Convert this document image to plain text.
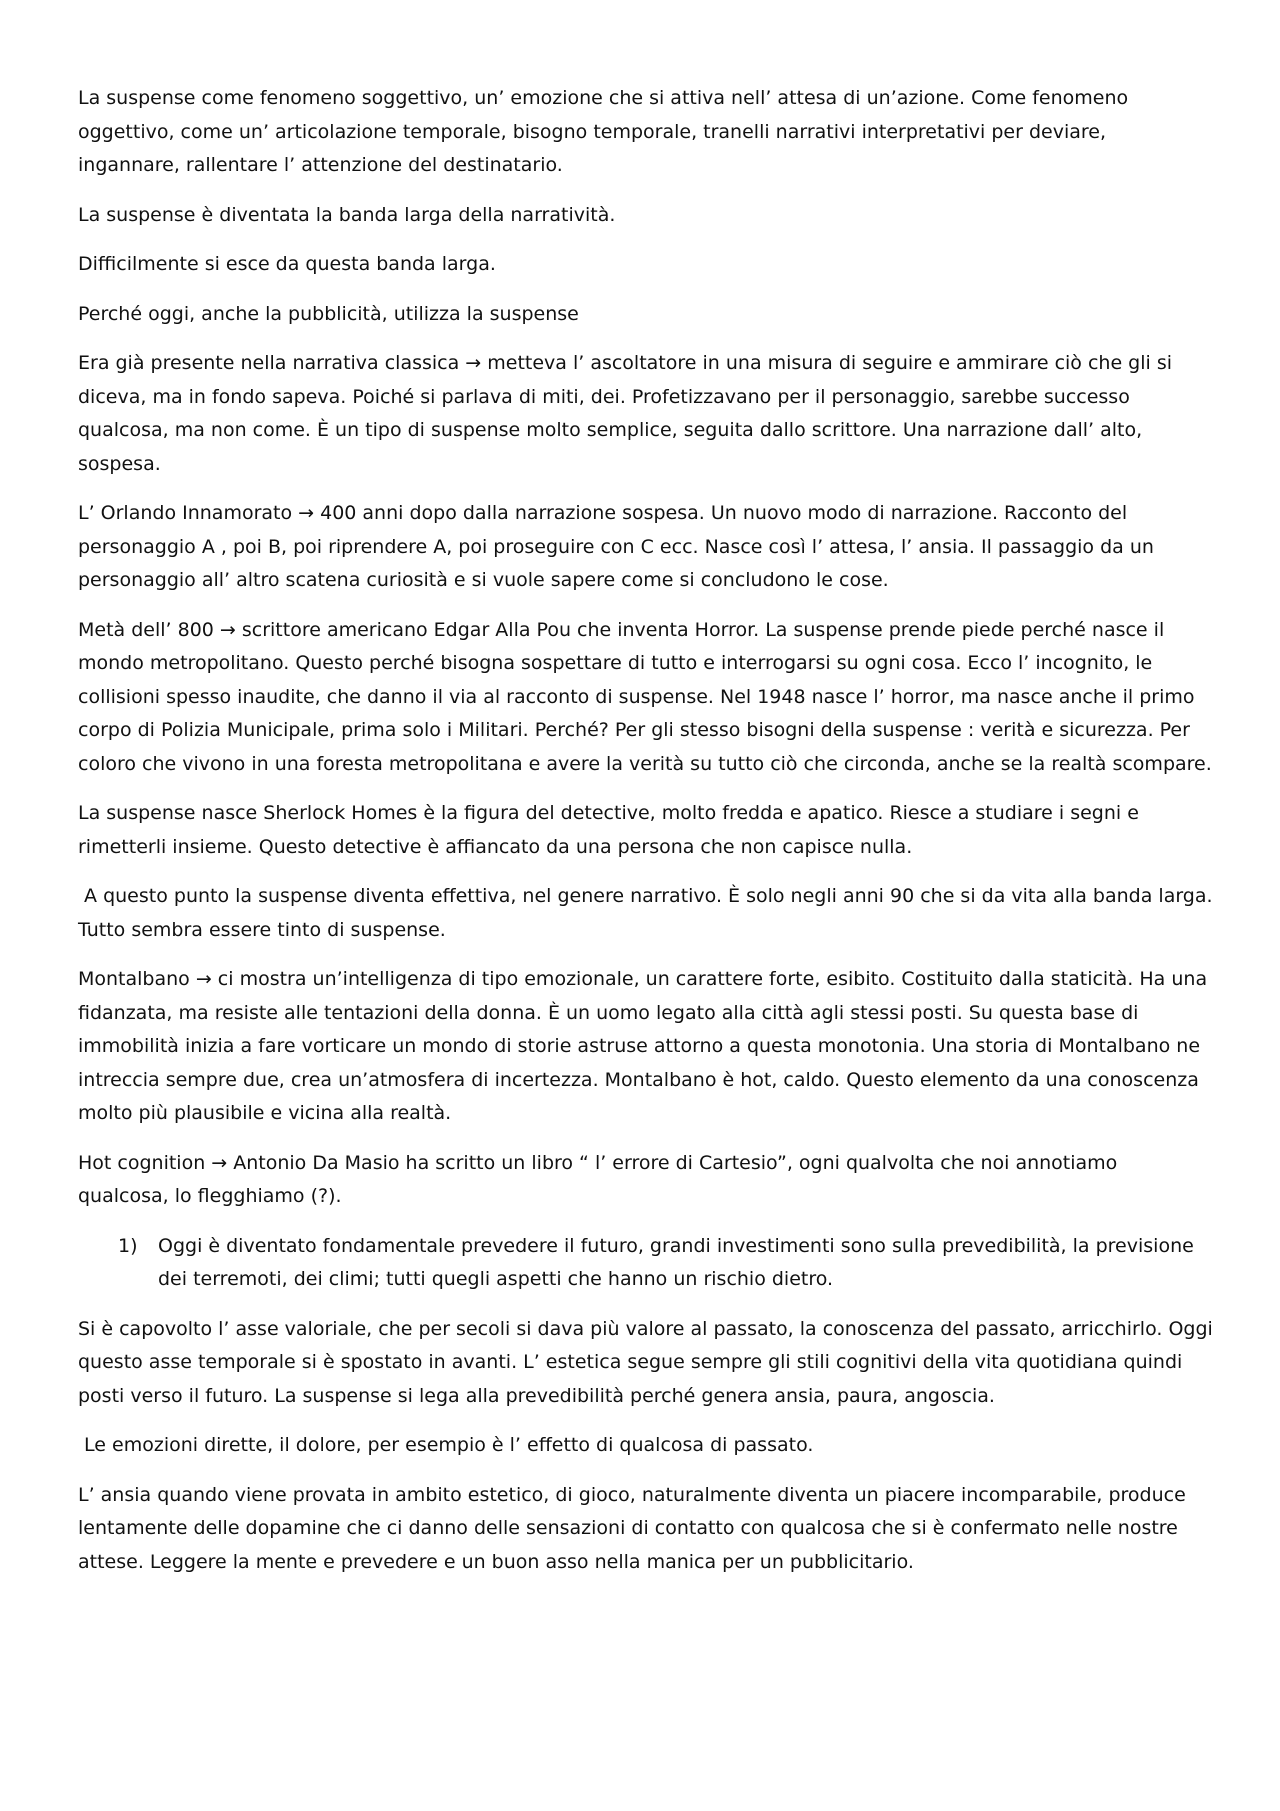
La suspense come fenomeno soggettivo, un’ emozione che si attiva nell’ attesa di un’azione. Come fenomeno oggettivo, come un’ articolazione temporale, bisogno temporale, tranelli narrativi interpretativi per deviare, ingannare, rallentare l’ attenzione del destinatario.

La suspense è diventata la banda larga della narratività.

Difficilmente si esce da questa banda larga.

Perché oggi, anche la pubblicità, utilizza la suspense

Era già presente nella narrativa classica → metteva l’ ascoltatore in una misura di seguire e ammirare ciò che gli si diceva, ma in fondo sapeva. Poiché si parlava di miti, dei. Profetizzavano per il personaggio, sarebbe successo qualcosa, ma non come. È un tipo di suspense molto semplice, seguita dallo scrittore. Una narrazione dall’ alto, sospesa.

L’ Orlando Innamorato → 400 anni dopo dalla narrazione sospesa. Un nuovo modo di narrazione. Racconto del personaggio A , poi B, poi riprendere A, poi proseguire con C ecc. Nasce così l’ attesa, l’ ansia. Il passaggio da un personaggio all’ altro scatena curiosità e si vuole sapere come si concludono le cose.

Metà dell’ 800 → scrittore americano Edgar Alla Pou che inventa Horror. La suspense prende piede perché nasce il mondo metropolitano. Questo perché bisogna sospettare di tutto e interrogarsi su ogni cosa. Ecco l’ incognito, le collisioni spesso inaudite, che danno il via al racconto di suspense. Nel 1948 nasce l’ horror, ma nasce anche il primo corpo di Polizia Municipale, prima solo i Militari. Perché? Per gli stesso bisogni della suspense : verità e sicurezza. Per coloro che vivono in una foresta metropolitana e avere la verità su tutto ciò che circonda, anche se la realtà scompare.

La suspense nasce Sherlock Homes è la figura del detective, molto fredda e apatico. Riesce a studiare i segni e rimetterli insieme. Questo detective è affiancato da una persona che non capisce nulla.

A questo punto la suspense diventa effettiva, nel genere narrativo. È solo negli anni 90 che si da vita alla banda larga. Tutto sembra essere tinto di suspense.

Montalbano → ci mostra un’intelligenza di tipo emozionale, un carattere forte, esibito. Costituito dalla staticità. Ha una fidanzata, ma resiste alle tentazioni della donna. È un uomo legato alla città agli stessi posti. Su questa base di immobilità inizia a fare vorticare un mondo di storie astruse attorno a questa monotonia. Una storia di Montalbano ne intreccia sempre due, crea un’atmosfera di incertezza. Montalbano è hot, caldo. Questo elemento da una conoscenza molto più plausibile e vicina alla realtà.

Hot cognition → Antonio Da Masio ha scritto un libro “ l’ errore di Cartesio”, ogni qualvolta che noi annotiamo qualcosa, lo flegghiamo (?).

1)	Oggi è diventato fondamentale prevedere il futuro, grandi investimenti sono sulla prevedibilità, la previsione dei terremoti, dei climi; tutti quegli aspetti che hanno un rischio dietro.

Si è capovolto l’ asse valoriale, che per secoli si dava più valore al passato, la conoscenza del passato, arricchirlo. Oggi questo asse temporale si è spostato in avanti. L’ estetica segue sempre gli stili cognitivi della vita quotidiana quindi posti verso il futuro. La suspense si lega alla prevedibilità perché genera ansia, paura, angoscia.

Le emozioni dirette, il dolore, per esempio è l’ effetto di qualcosa di passato.

L’ ansia quando viene provata in ambito estetico, di gioco, naturalmente diventa un piacere incomparabile, produce lentamente delle dopamine che ci danno delle sensazioni di contatto con qualcosa che si è confermato nelle nostre attese. Leggere la mente e prevedere e un buon asso nella manica per un pubblicitario.
